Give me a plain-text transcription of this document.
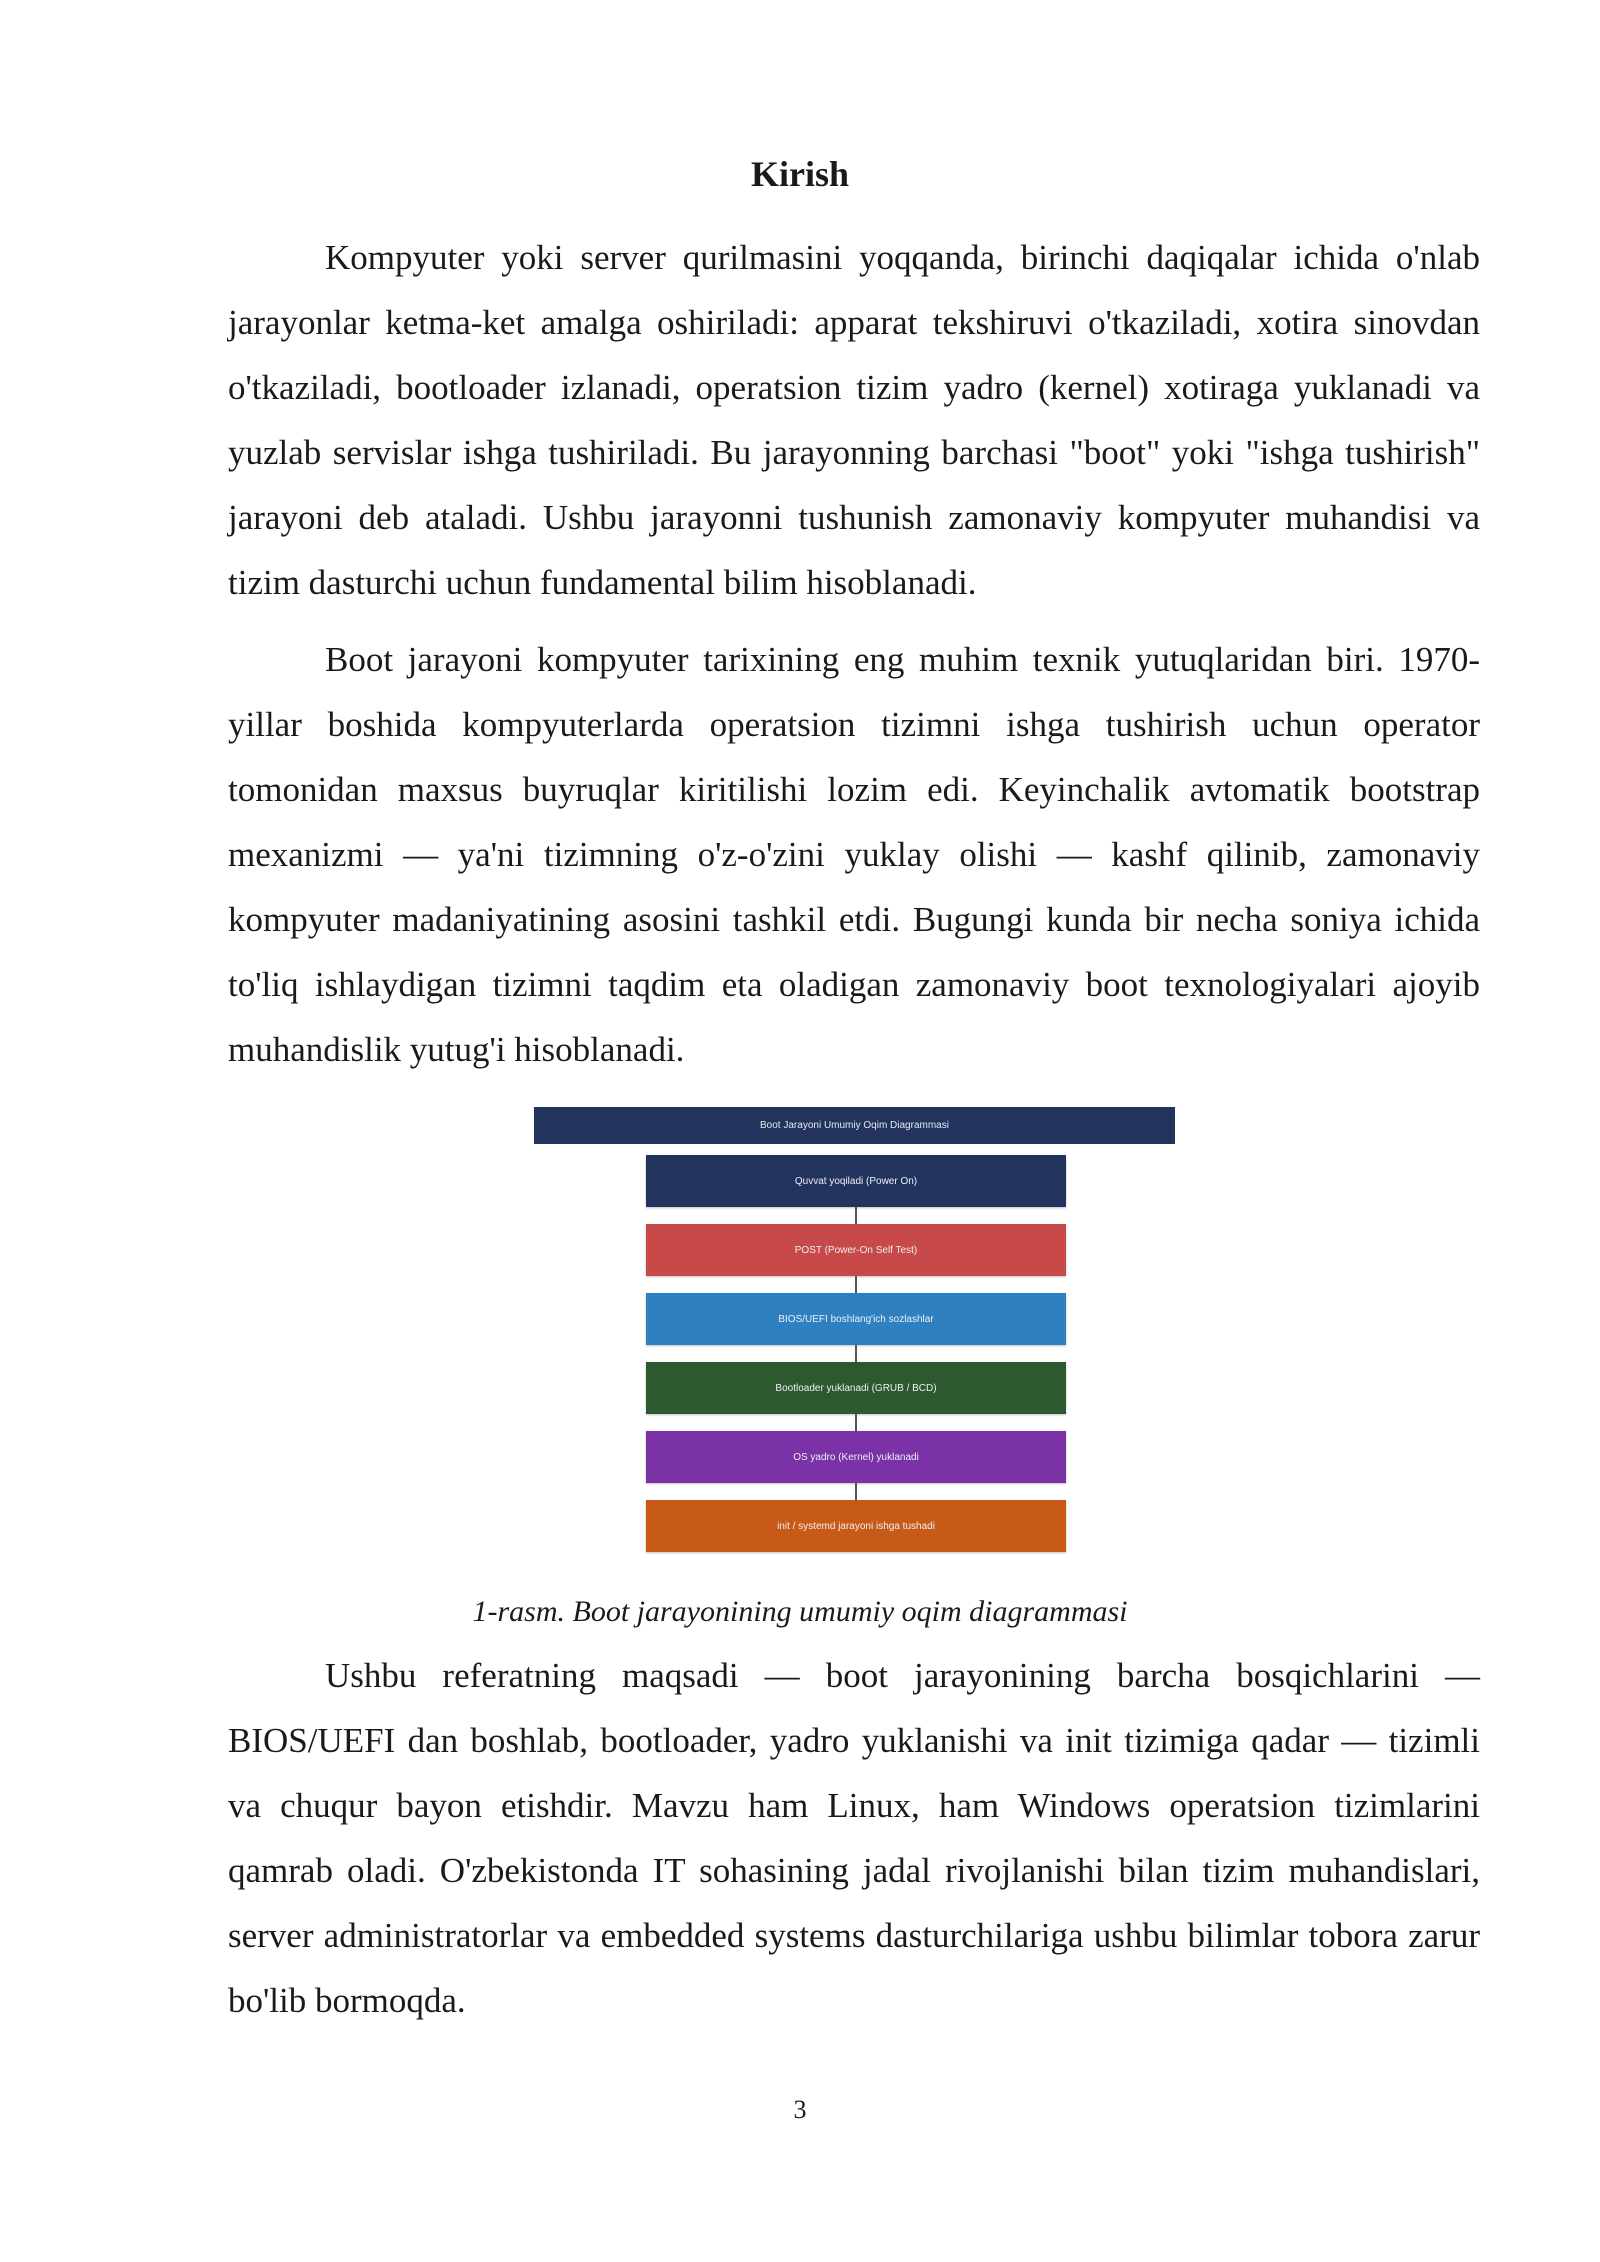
Kirish

Kompyuter yoki server qurilmasini yoqqanda, birinchi daqiqalar ichida o'nlab jarayonlar ketma-ket amalga oshiriladi: apparat tekshiruvi o'tkaziladi, xotira sinovdan o'tkaziladi, bootloader izlanadi, operatsion tizim yadro (kernel) xotiraga yuklanadi va yuzlab servislar ishga tushiriladi. Bu jarayonning barchasi "boot" yoki "ishga tushirish" jarayoni deb ataladi. Ushbu jarayonni tushunish zamonaviy kompyuter muhandisi va tizim dasturchi uchun fundamental bilim hisoblanadi.

Boot jarayoni kompyuter tarixining eng muhim texnik yutuqlaridan biri. 1970-yillar boshida kompyuterlarda operatsion tizimni ishga tushirish uchun operator tomonidan maxsus buyruqlar kiritilishi lozim edi. Keyinchalik avtomatik bootstrap mexanizmi — ya'ni tizimning o'z-o'zini yuklay olishi — kashf qilinib, zamonaviy kompyuter madaniyatining asosini tashkil etdi. Bugungi kunda bir necha soniya ichida to'liq ishlaydigan tizimni taqdim eta oladigan zamonaviy boot texnologiyalari ajoyib muhandislik yutug'i hisoblanadi.

Boot Jarayoni Umumiy Oqim Diagrammasi
Quvvat yoqiladi (Power On)
POST (Power-On Self Test)
BIOS/UEFI boshlang'ich sozlashlar
Bootloader yuklanadi (GRUB / BCD)
OS yadro (Kernel) yuklanadi
init / systemd jarayoni ishga tushadi

1-rasm. Boot jarayonining umumiy oqim diagrammasi

Ushbu referatning maqsadi — boot jarayonining barcha bosqichlarini — BIOS/UEFI dan boshlab, bootloader, yadro yuklanishi va init tizimiga qadar — tizimli va chuqur bayon etishdir. Mavzu ham Linux, ham Windows operatsion tizimlarini qamrab oladi. O'zbekistonda IT sohasining jadal rivojlanishi bilan tizim muhandislari, server administratorlar va embedded systems dasturchilariga ushbu bilimlar tobora zarur bo'lib bormoqda.

3
